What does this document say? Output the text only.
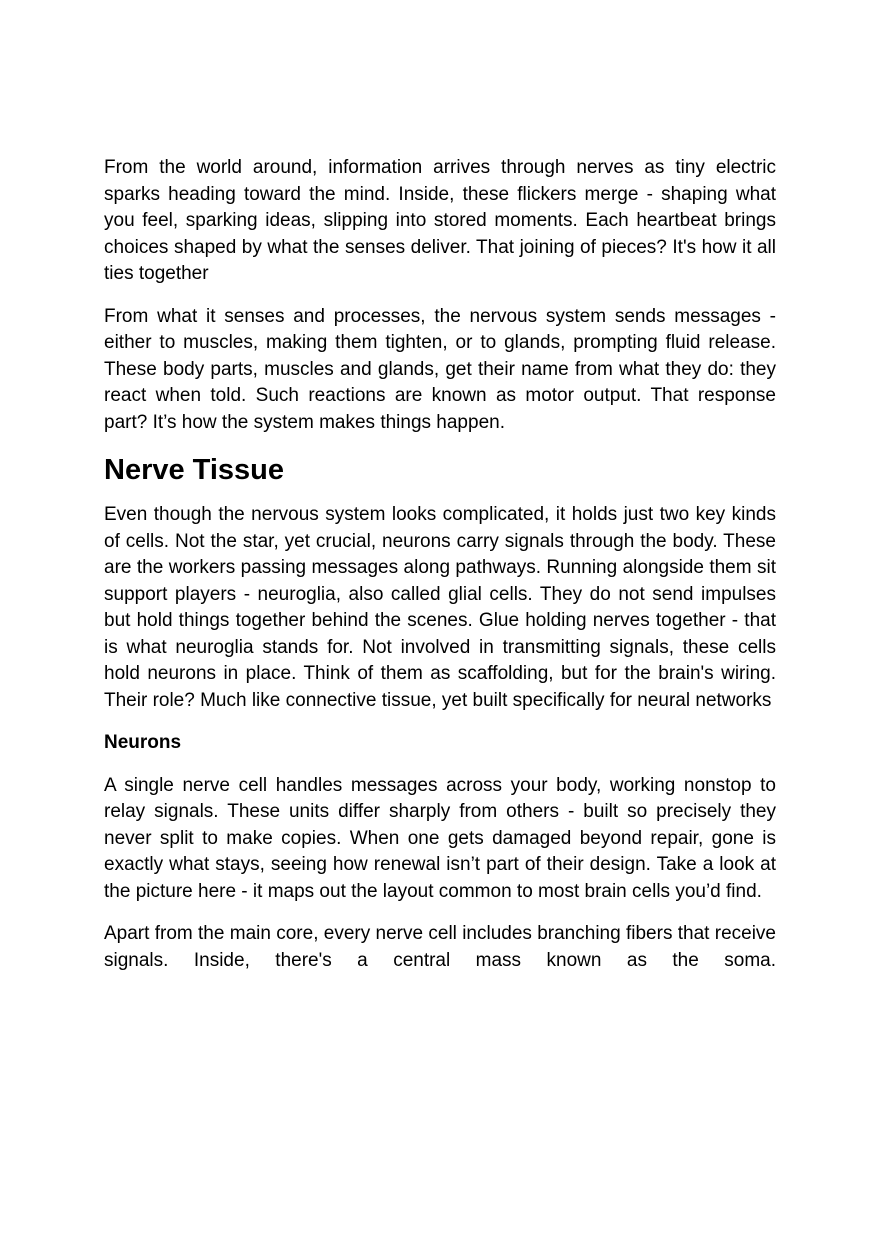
From the world around, information arrives through nerves as tiny electric sparks heading toward the mind. Inside, these flickers merge - shaping what you feel, sparking ideas, slipping into stored moments. Each heartbeat brings choices shaped by what the senses deliver. That joining of pieces? It's how it all ties together

From what it senses and processes, the nervous system sends messages - either to muscles, making them tighten, or to glands, prompting fluid release. These body parts, muscles and glands, get their name from what they do: they react when told. Such reactions are known as motor output. That response part? It’s how the system makes things happen.

Nerve Tissue

Even though the nervous system looks complicated, it holds just two key kinds of cells. Not the star, yet crucial, neurons carry signals through the body. These are the workers passing messages along pathways. Running alongside them sit support players - neuroglia, also called glial cells. They do not send impulses but hold things together behind the scenes. Glue holding nerves together - that is what neuroglia stands for. Not involved in transmitting signals, these cells hold neurons in place. Think of them as scaffolding, but for the brain's wiring. Their role? Much like connective tissue, yet built specifically for neural networks

Neurons

A single nerve cell handles messages across your body, working nonstop to relay signals. These units differ sharply from others - built so precisely they never split to make copies. When one gets damaged beyond repair, gone is exactly what stays, seeing how renewal isn’t part of their design. Take a look at the picture here - it maps out the layout common to most brain cells you’d find.

Apart from the main core, every nerve cell includes branching fibers that receive signals. Inside, there's a central mass known as the soma.
